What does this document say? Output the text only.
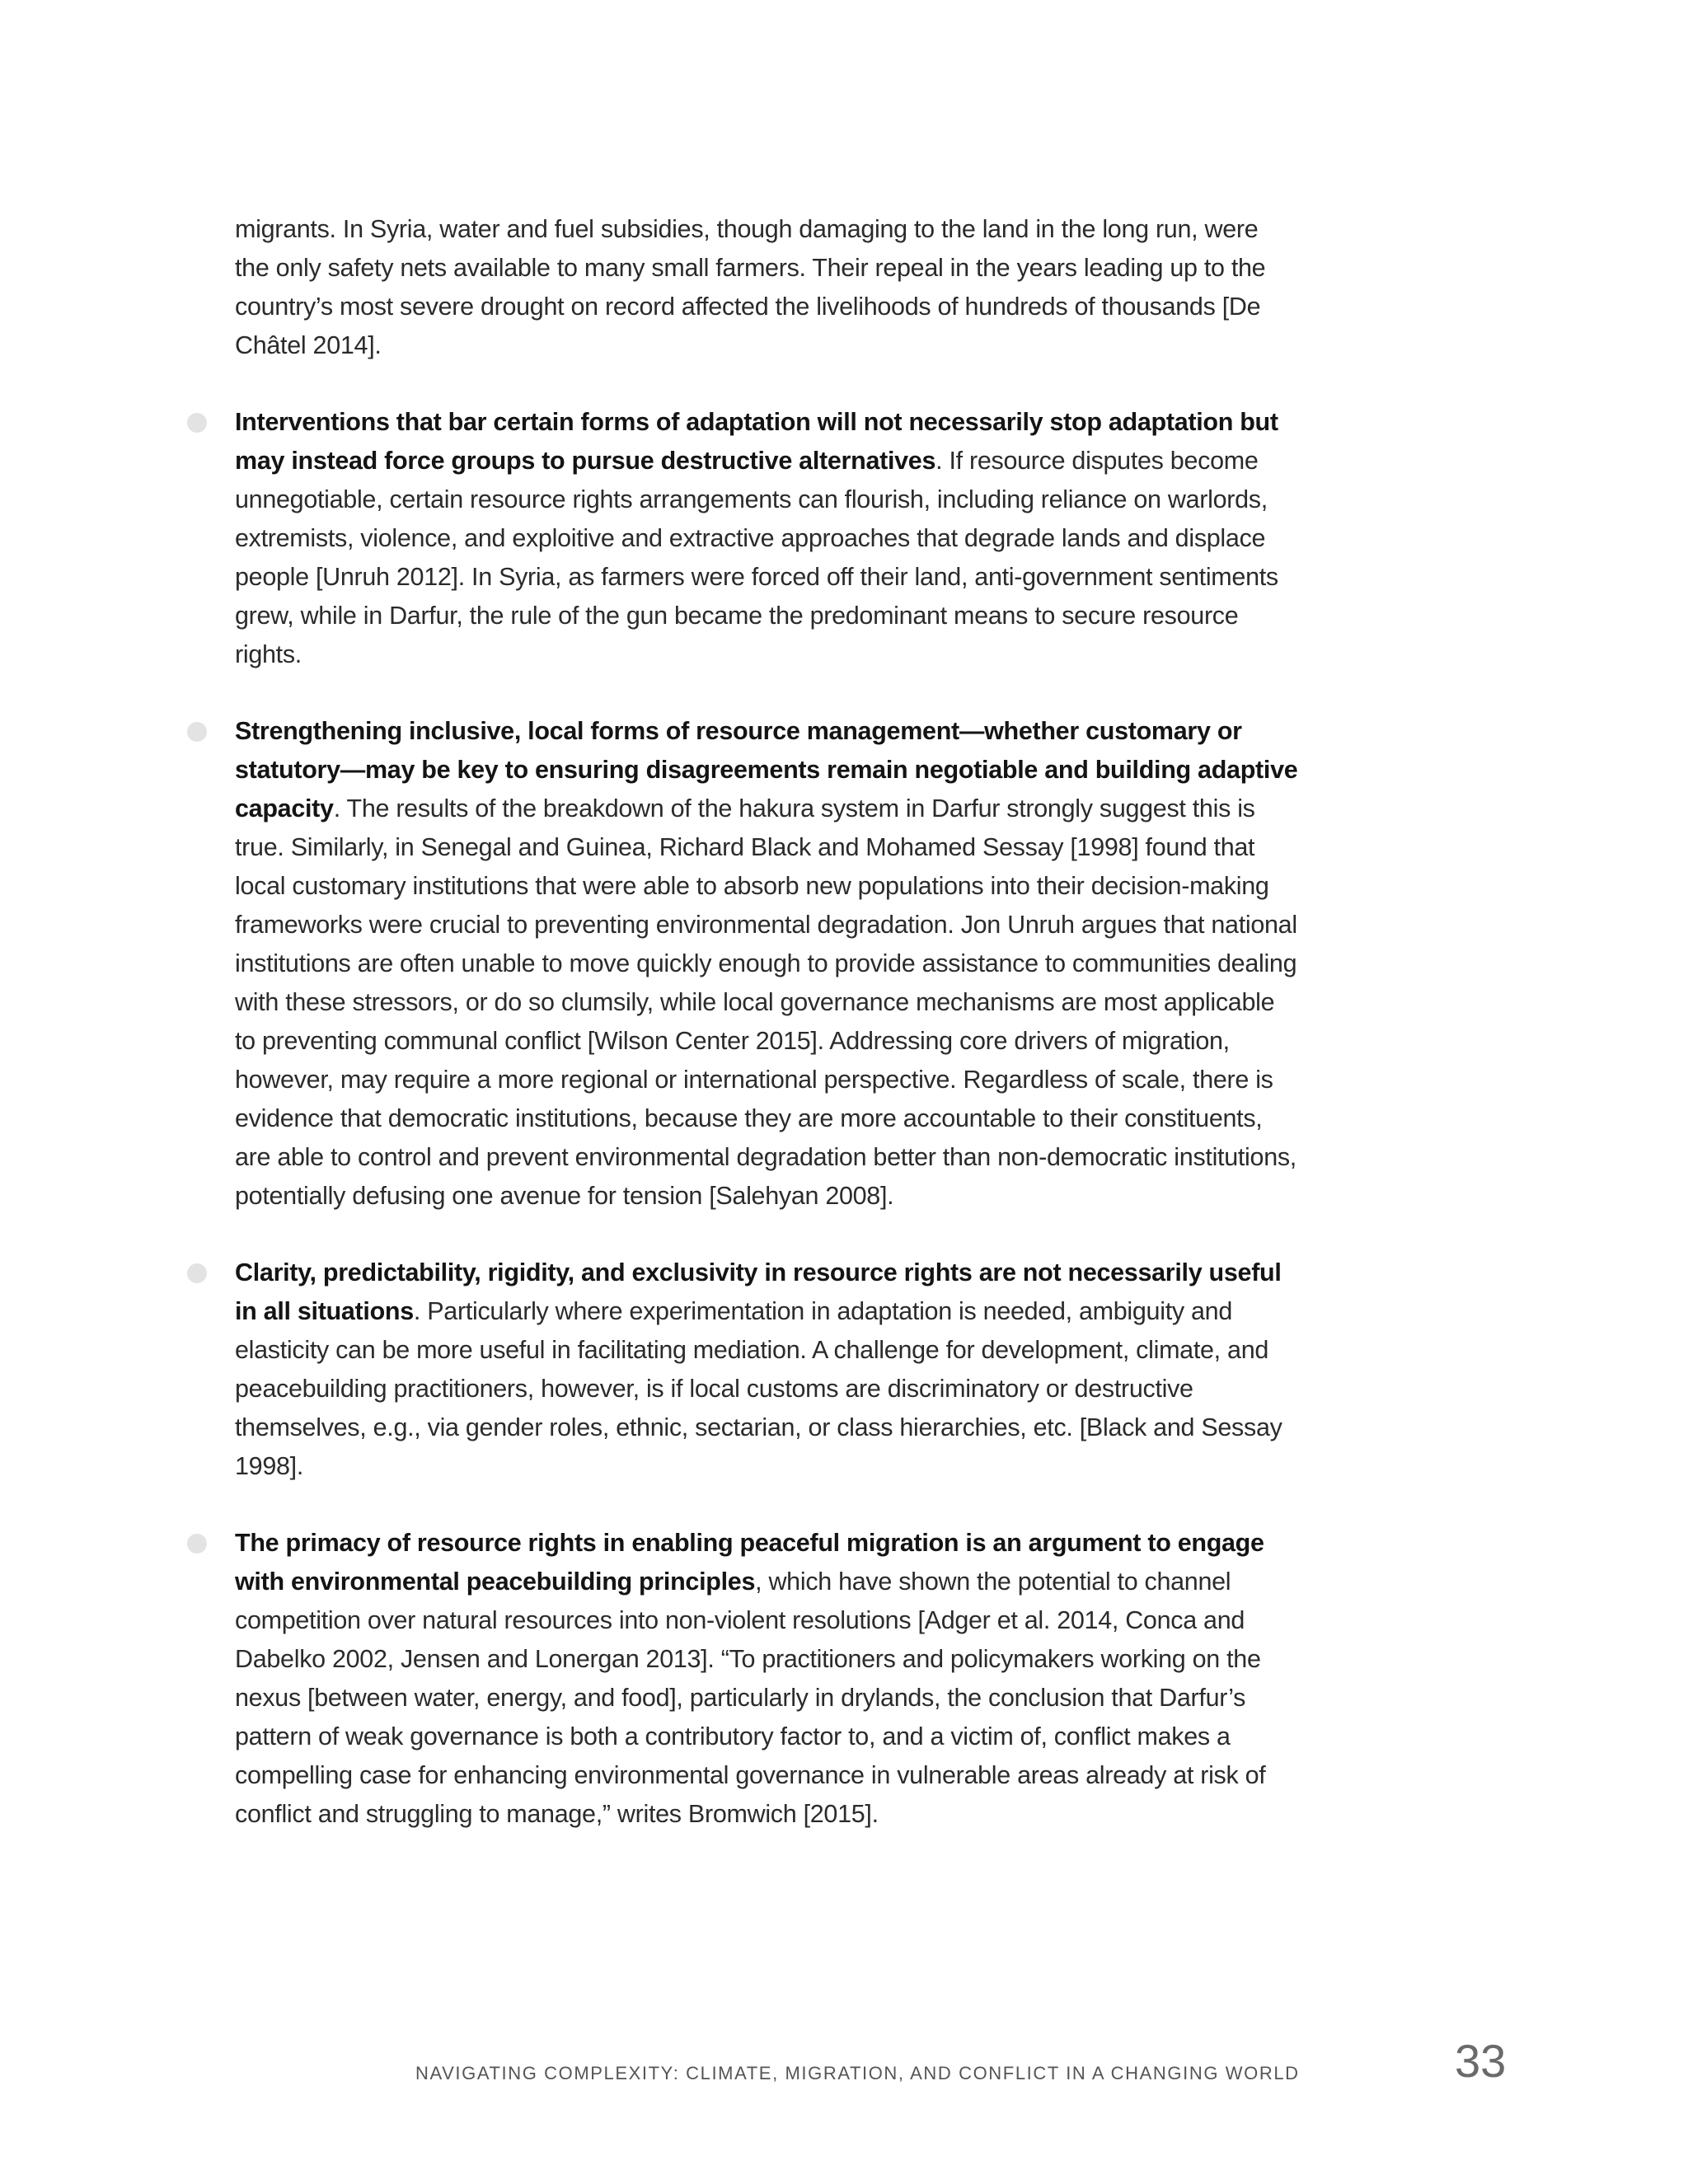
migrants. In Syria, water and fuel subsidies, though damaging to the land in the long run, were the only safety nets available to many small farmers. Their repeal in the years leading up to the country’s most severe drought on record affected the livelihoods of hundreds of thousands [De Châtel 2014].

Interventions that bar certain forms of adaptation will not necessarily stop adaptation but may instead force groups to pursue destructive alternatives. If resource disputes become unnegotiable, certain resource rights arrangements can flourish, including reliance on warlords, extremists, violence, and exploitive and extractive approaches that degrade lands and displace people [Unruh 2012]. In Syria, as farmers were forced off their land, anti-government sentiments grew, while in Darfur, the rule of the gun became the predominant means to secure resource rights.

Strengthening inclusive, local forms of resource management—whether customary or statutory—may be key to ensuring disagreements remain negotiable and building adaptive capacity. The results of the breakdown of the hakura system in Darfur strongly suggest this is true. Similarly, in Senegal and Guinea, Richard Black and Mohamed Sessay [1998] found that local customary institutions that were able to absorb new populations into their decision-making frameworks were crucial to preventing environmental degradation. Jon Unruh argues that national institutions are often unable to move quickly enough to provide assistance to communities dealing with these stressors, or do so clumsily, while local governance mechanisms are most applicable to preventing communal conflict [Wilson Center 2015]. Addressing core drivers of migration, however, may require a more regional or international perspective. Regardless of scale, there is evidence that democratic institutions, because they are more accountable to their constituents, are able to control and prevent environmental degradation better than non-democratic institutions, potentially defusing one avenue for tension [Salehyan 2008].

Clarity, predictability, rigidity, and exclusivity in resource rights are not necessarily useful in all situations. Particularly where experimentation in adaptation is needed, ambiguity and elasticity can be more useful in facilitating mediation. A challenge for development, climate, and peacebuilding practitioners, however, is if local customs are discriminatory or destructive themselves, e.g., via gender roles, ethnic, sectarian, or class hierarchies, etc. [Black and Sessay 1998].

The primacy of resource rights in enabling peaceful migration is an argument to engage with environmental peacebuilding principles, which have shown the potential to channel competition over natural resources into non-violent resolutions [Adger et al. 2014, Conca and Dabelko 2002, Jensen and Lonergan 2013]. “To practitioners and policymakers working on the nexus [between water, energy, and food], particularly in drylands, the conclusion that Darfur’s pattern of weak governance is both a contributory factor to, and a victim of, conflict makes a compelling case for enhancing environmental governance in vulnerable areas already at risk of conflict and struggling to manage,” writes Bromwich [2015].

NAVIGATING COMPLEXITY: CLIMATE, MIGRATION, AND CONFLICT IN A CHANGING WORLD	33
